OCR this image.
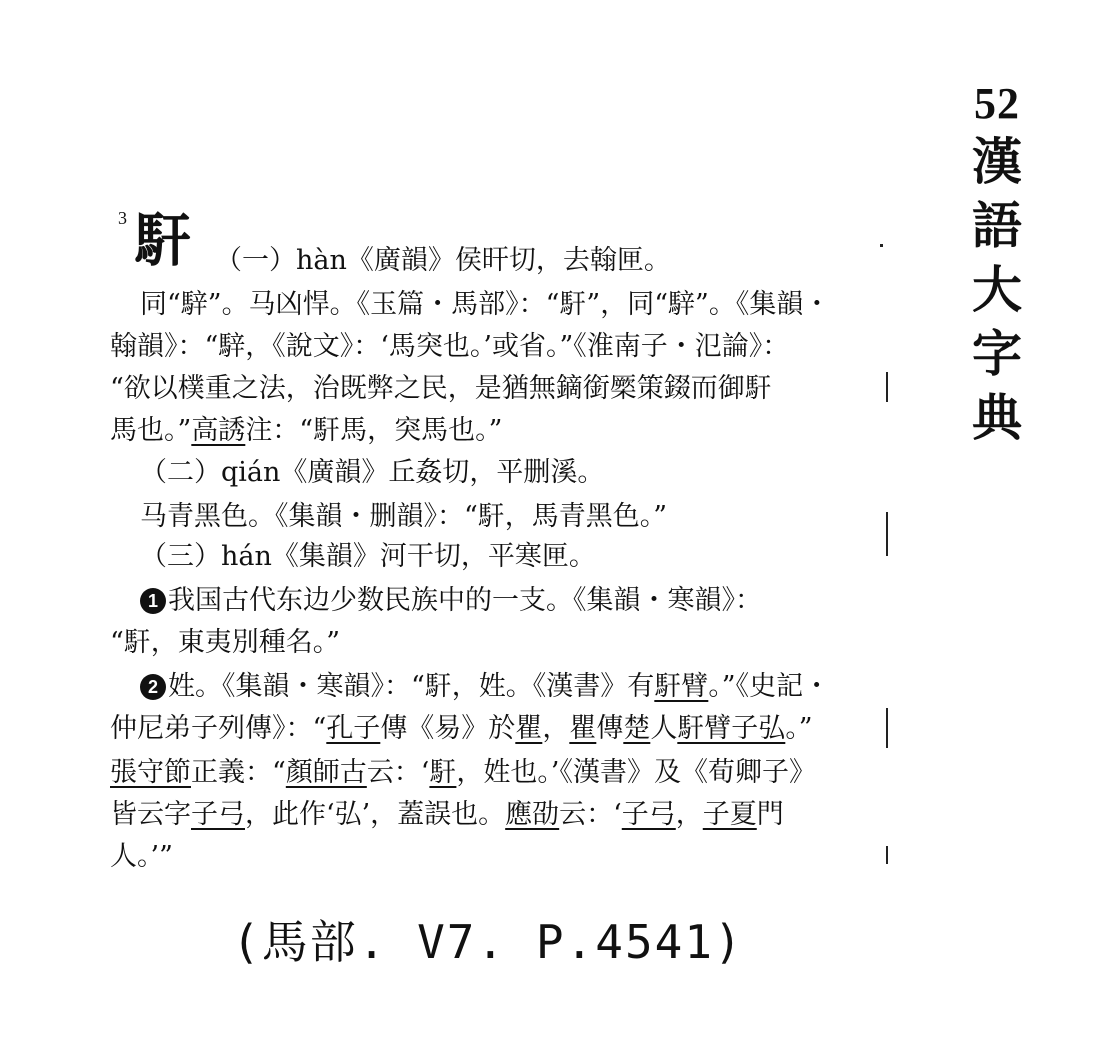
52
漢
語
大
字
典
3 馯 （一）hàn《廣韻》侯旰切，去翰匣。
同“騂”。马凶悍。《玉篇・馬部》：“馯”，同“騂”。《集韻・
翰韻》：“騂，《說文》：‘馬突也。’或省。”《淮南子・氾論》：
“欲以樸重之法，治既弊之民，是猶無鏑銜橜策錣而御馯
馬也。”高誘注：“馯馬，突馬也。”
（二）qián《廣韻》丘姦切，平删溪。
马青黑色。《集韻・删韻》：“馯，馬青黑色。”
（三）hán《集韻》河干切，平寒匣。
1 我国古代东边少数民族中的一支。《集韻・寒韻》：
“馯，東夷別種名。”
2 姓。《集韻・寒韻》：“馯，姓。《漢書》有馯臂。”《史記・
仲尼弟子列傳》：“孔子傳《易》於瞿，瞿傳楚人馯臂子弘。”
張守節正義：“顏師古云：‘馯，姓也。’《漢書》及《荀卿子》
皆云字子弓，此作‘弘’，蓋誤也。應劭云：‘子弓，子夏門
人。’”
(馬部. V7. P.4541)
